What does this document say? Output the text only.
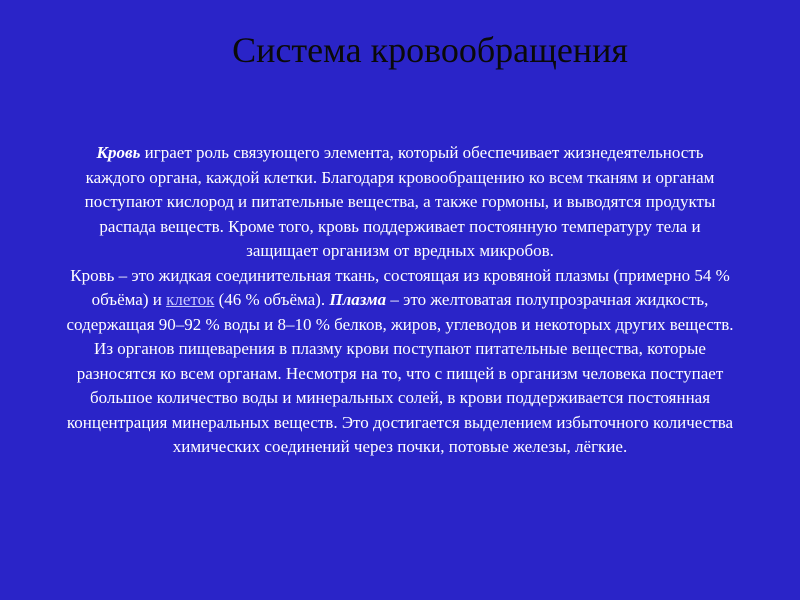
Система кровообращения
Кровь играет роль связующего элемента, который обеспечивает жизнедеятельность
каждого органа, каждой клетки. Благодаря кровообращению ко всем тканям и органам
поступают кислород и питательные вещества, а также гормоны, и выводятся продукты
распада веществ. Кроме того, кровь поддерживает постоянную температуру тела и
защищает организм от вредных микробов.
Кровь – это жидкая соединительная ткань, состоящая из кровяной плазмы (примерно 54 %
объёма) и клеток (46 % объёма). Плазма – это желтоватая полупрозрачная жидкость,
содержащая 90–92 % воды и 8–10 % белков, жиров, углеводов и некоторых других веществ.
Из органов пищеварения в плазму крови поступают питательные вещества, которые
разносятся ко всем органам. Несмотря на то, что с пищей в организм человека поступает
большое количество воды и минеральных солей, в крови поддерживается постоянная
концентрация минеральных веществ. Это достигается выделением избыточного количества
химических соединений через почки, потовые железы, лёгкие.
